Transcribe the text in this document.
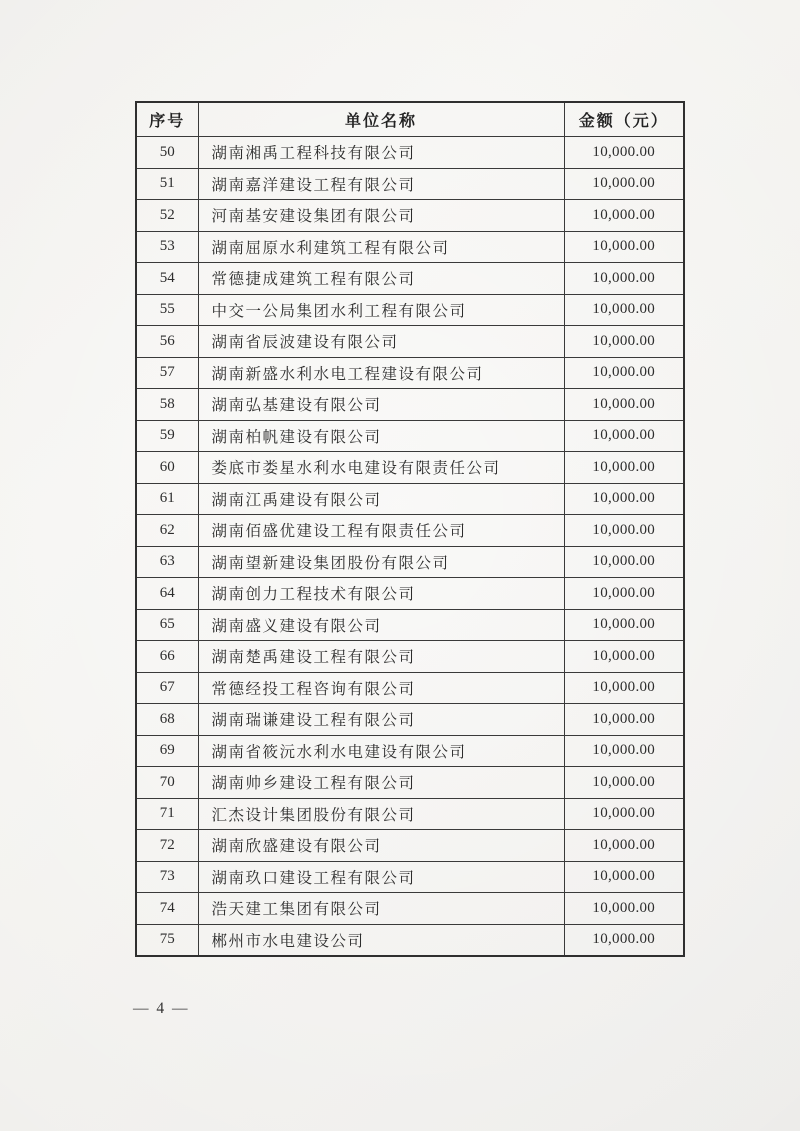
序号	单位名称	金额（元）
50	湖南湘禹工程科技有限公司	10,000.00
51	湖南嘉洋建设工程有限公司	10,000.00
52	河南基安建设集团有限公司	10,000.00
53	湖南屈原水利建筑工程有限公司	10,000.00
54	常德捷成建筑工程有限公司	10,000.00
55	中交一公局集团水利工程有限公司	10,000.00
56	湖南省辰波建设有限公司	10,000.00
57	湖南新盛水利水电工程建设有限公司	10,000.00
58	湖南弘基建设有限公司	10,000.00
59	湖南柏帆建设有限公司	10,000.00
60	娄底市娄星水利水电建设有限责任公司	10,000.00
61	湖南江禹建设有限公司	10,000.00
62	湖南佰盛优建设工程有限责任公司	10,000.00
63	湖南望新建设集团股份有限公司	10,000.00
64	湖南创力工程技术有限公司	10,000.00
65	湖南盛义建设有限公司	10,000.00
66	湖南楚禹建设工程有限公司	10,000.00
67	常德经投工程咨询有限公司	10,000.00
68	湖南瑞谦建设工程有限公司	10,000.00
69	湖南省筱沅水利水电建设有限公司	10,000.00
70	湖南帅乡建设工程有限公司	10,000.00
71	汇杰设计集团股份有限公司	10,000.00
72	湖南欣盛建设有限公司	10,000.00
73	湖南玖口建设工程有限公司	10,000.00
74	浩天建工集团有限公司	10,000.00
75	郴州市水电建设公司	10,000.00
— 4 —
